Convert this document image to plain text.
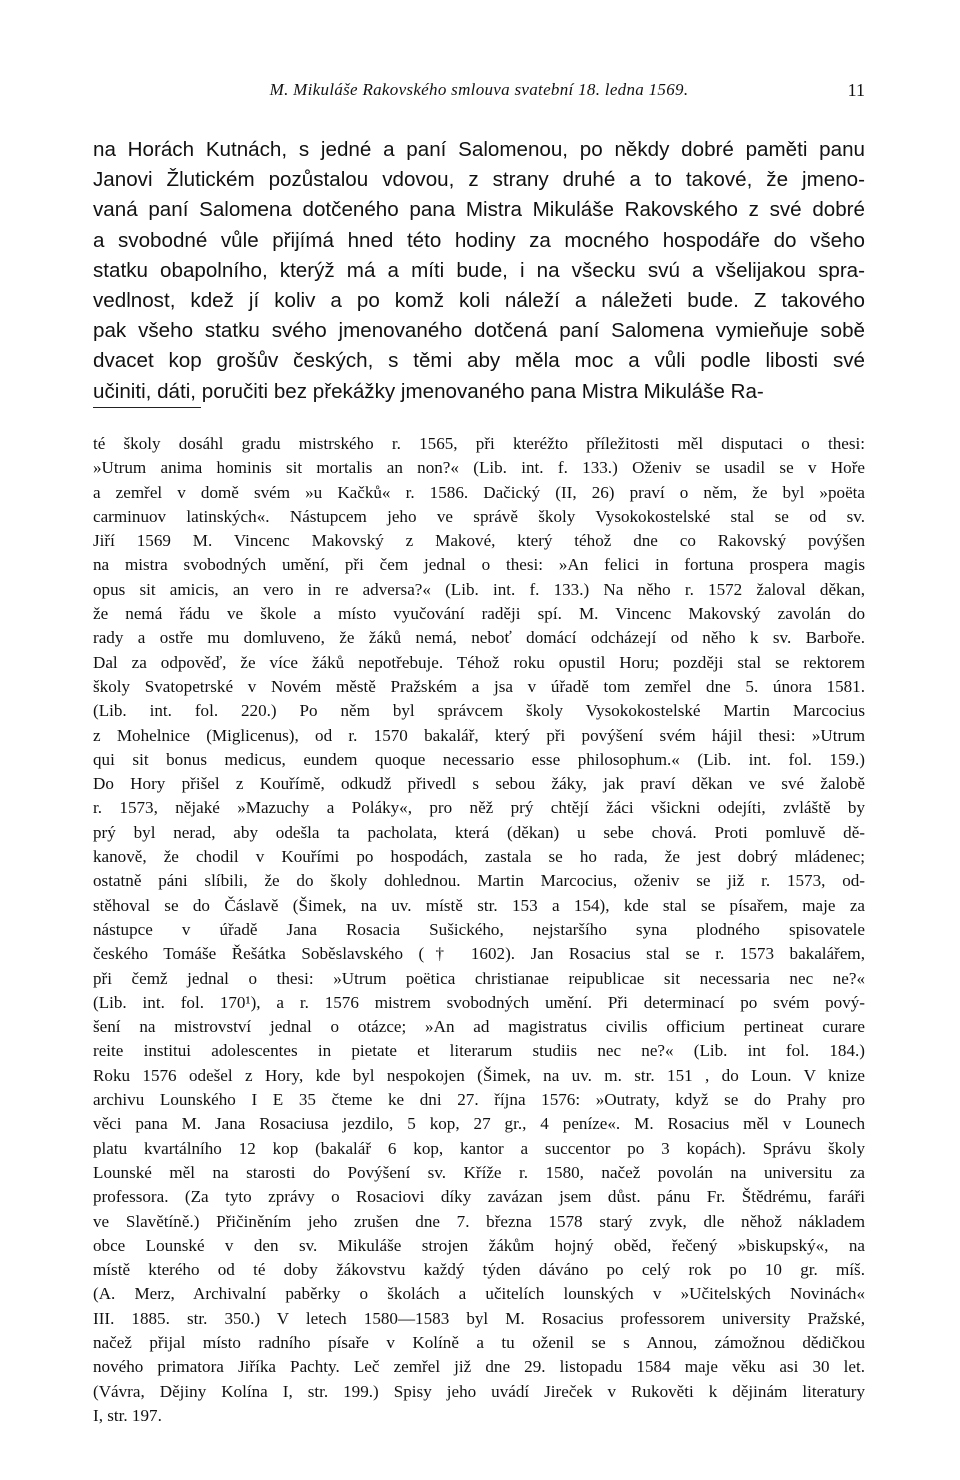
M. Mikuláše Rakovského smlouva svatební 18. ledna 1569.	11
na Horách Kutnách, s jedné a paní Salomenou, po někdy dobré paměti panu
Janovi Žlutickém pozůstalou vdovou, z strany druhé a to takové, že jmeno-
vaná paní Salomena dotčeného pana Mistra Mikuláše Rakovského z své dobré
a svobodné vůle přijímá hned této hodiny za mocného hospodáře do všeho
statku obapolního, kterýž má a míti bude, i na všecku svú a všelijakou spra-
vedlnost, kdež jí koliv a po komž koli náleží a náležeti bude. Z takového
pak všeho statku svého jmenovaného dotčená paní Salomena vymieňuje sobě
dvacet kop grošův českých, s těmi aby měla moc a vůli podle libosti své
učiniti, dáti, poručiti bez překážky jmenovaného pana Mistra Mikuláše Ra-
té školy dosáhl gradu mistrského r. 1565, při kteréžto příležitosti měl disputaci o thesi:
»Utrum anima hominis sit mortalis an non?« (Lib. int. f. 133.) Oženiv se usadil se v Hoře
a zemřel v domě svém »u Kačků« r. 1586. Dačický (II, 26) praví o něm, že byl »poëta
carminuov latinských«. Nástupcem jeho ve správě školy Vysokokostelské stal se od sv.
Jiří 1569 M. Vincenc Makovský z Makové, který téhož dne co Rakovský povýšen
na mistra svobodných umění, při čem jednal o thesi: »An felici in fortuna prospera magis
opus sit amicis, an vero in re adversa?« (Lib. int. f. 133.) Na něho r. 1572 žaloval děkan,
že nemá řádu ve škole a místo vyučování raději spí. M. Vincenc Makovský zavolán do
rady a ostře mu domluveno, že žáků nemá, neboť domácí odcházejí od něho k sv. Barboře.
Dal za odpověď, že více žáků nepotřebuje. Téhož roku opustil Horu; později stal se rektorem
školy Svatopetrské v Novém městě Pražském a jsa v úřadě tom zemřel dne 5. února 1581.
(Lib. int. fol. 220.) Po něm byl správcem školy Vysokokostelské Martin Marcocius
z Mohelnice (Miglicenus), od r. 1570 bakalář, který při povýšení svém hájil thesi: »Utrum
qui sit bonus medicus, eundem quoque necessario esse philosophum.« (Lib. int. fol. 159.)
Do Hory přišel z Kouřímě, odkudž přivedl s sebou žáky, jak praví děkan ve své žalobě
r. 1573, nějaké »Mazuchy a Poláky«, pro něž prý chtějí žáci všickni odejíti, zvláště by
prý byl nerad, aby odešla ta pacholata, která (děkan) u sebe chová. Proti pomluvě dě-
kanově, že chodil v Kouřími po hospodách, zastala se ho rada, že jest dobrý mládenec;
ostatně páni slíbili, že do školy dohlednou. Martin Marcocius, oženiv se již r. 1573, od-
stěhoval se do Čáslavě (Šimek, na uv. místě str. 153 a 154), kde stal se písařem, maje za
nástupce v úřadě Jana Rosacia Sušického, nejstaršího syna plodného spisovatele
českého Tomáše Řešátka Soběslavského († 1602). Jan Rosacius stal se r. 1573 bakalářem,
při čemž jednal o thesi: »Utrum poëtica christianae reipublicae sit necessaria nec ne?«
(Lib. int. fol. 170¹), a r. 1576 mistrem svobodných umění. Při determinací po svém pový-
šení na mistrovství jednal o otázce; »An ad magistratus civilis officium pertineat curare
reite institui adolescentes in pietate et literarum studiis nec ne?« (Lib. int fol. 184.)
Roku 1576 odešel z Hory, kde byl nespokojen (Šimek, na uv. m. str. 151 , do Loun. V knize
archivu Lounského I E 35 čteme ke dni 27. října 1576: »Outraty, když se do Prahy pro
věci pana M. Jana Rosaciusa jezdilo, 5 kop, 27 gr., 4 peníze«. M. Rosacius měl v Lounech
platu kvartálního 12 kop (bakalář 6 kop, kantor a succentor po 3 kopách). Správu školy
Lounské měl na starosti do Povýšení sv. Kříže r. 1580, načež povolán na universitu za
professora. (Za tyto zprávy o Rosaciovi díky zavázan jsem důst. pánu Fr. Štědrému, faráři
ve Slavětíně.) Přičiněním jeho zrušen dne 7. března 1578 starý zvyk, dle něhož nákladem
obce Lounské v den sv. Mikuláše strojen žákům hojný oběd, řečený »biskupský«, na
místě kterého od té doby žákovstvu každý týden dáváno po celý rok po 10 gr. míš.
(A. Merz, Archivalní paběrky o školách a učitelích lounských v »Učitelských Novinách«
III. 1885. str. 350.) V letech 1580—1583 byl M. Rosacius professorem university Pražské,
načež přijal místo radního písaře v Kolíně a tu oženil se s Annou, zámožnou dědičkou
nového primatora Jiříka Pachty. Leč zemřel již dne 29. listopadu 1584 maje věku asi 30 let.
(Vávra, Dějiny Kolína I, str. 199.) Spisy jeho uvádí Jireček v Rukověti k dějinám literatury
I, str. 197.
